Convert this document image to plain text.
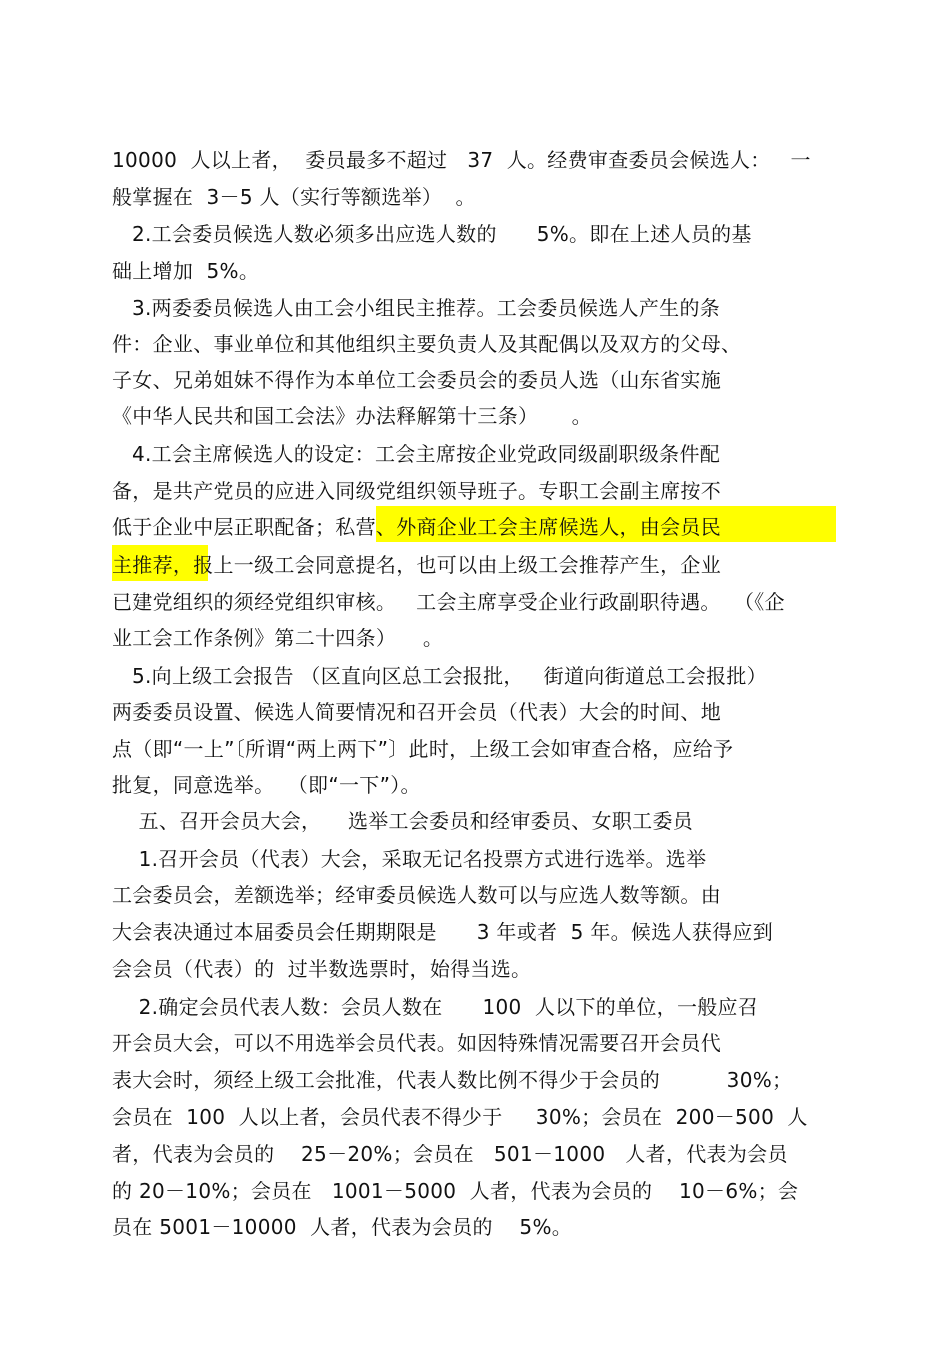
10000  人以上者，  委员最多不超过   37  人。经费审查委员会候选人：   一
般掌握在  3－5 人（实行等额选举）  。
2.工会委员候选人数必须多出应选人数的      5%。即在上述人员的基
础上增加  5%。
3.两委委员候选人由工会小组民主推荐。工会委员候选人产生的条
件：企业、事业单位和其他组织主要负责人及其配偶以及双方的父母、
子女、兄弟姐妹不得作为本单位工会委员会的委员人选（山东省实施
《中华人民共和国工会法》办法释解第十三条）     。
4.工会主席候选人的设定：工会主席按企业党政同级副职级条件配
备，是共产党员的应进入同级党组织领导班子。专职工会副主席按不
低于企业中层正职配备；私营、外商企业工会主席候选人，由会员民
主推荐，报上一级工会同意提名，也可以由上级工会推荐产生，企业
已建党组织的须经党组织审核。   工会主席享受企业行政副职待遇。  （《企
业工会工作条例》第二十四条）    。
5.向上级工会报告 （区直向区总工会报批，   街道向街道总工会报批）
两委委员设置、候选人简要情况和召开会员（代表）大会的时间、地
点（即“一上”〔所谓“两上两下”〕此时，上级工会如审查合格，应给予
批复，同意选举。  （即“一下”）。
五、召开会员大会，    选举工会委员和经审委员、女职工委员
1.召开会员（代表）大会，采取无记名投票方式进行选举。选举
工会委员会，差额选举；经审委员候选人数可以与应选人数等额。由
大会表决通过本届委员会任期期限是      3 年或者  5 年。候选人获得应到
会会员（代表）的  过半数选票时，始得当选。
2.确定会员代表人数：会员人数在      100  人以下的单位，一般应召
开会员大会，可以不用选举会员代表。如因特殊情况需要召开会员代
表大会时，须经上级工会批准，代表人数比例不得少于会员的          30%；
会员在  100  人以上者，会员代表不得少于     30%；会员在  200－500  人
者，代表为会员的    25－20%；会员在   501－1000   人者，代表为会员
的 20－10%；会员在   1001－5000  人者，代表为会员的    10－6%；会
员在 5001－10000  人者，代表为会员的    5%。
